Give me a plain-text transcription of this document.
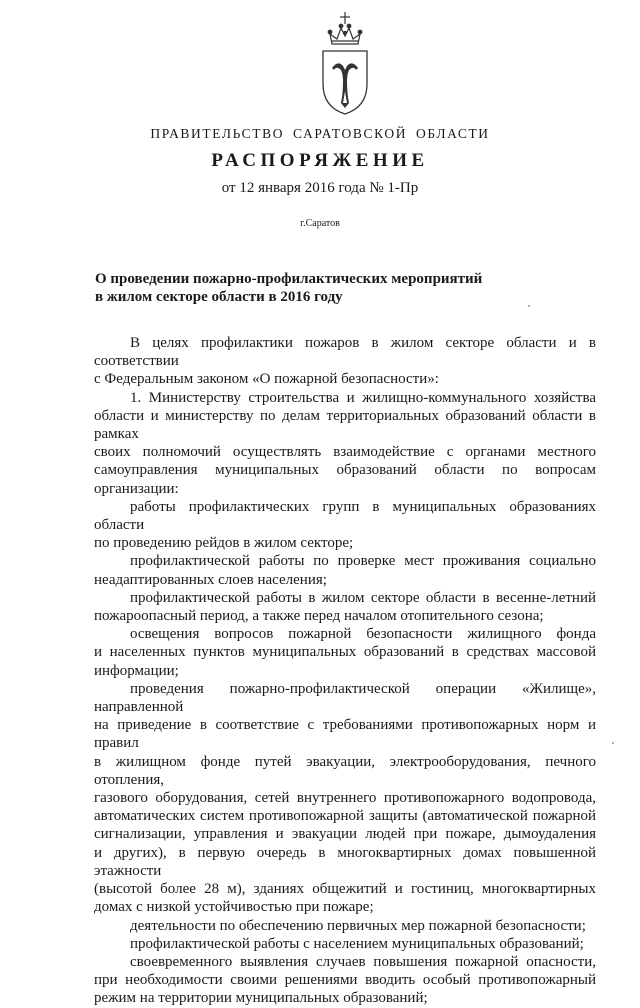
ПРАВИТЕЛЬСТВО САРАТОВСКОЙ ОБЛАСТИ
РАСПОРЯЖЕНИЕ
от 12 января 2016 года № 1-Пр
г.Саратов
О проведении пожарно-профилактических мероприятий
в жилом секторе области в 2016 году

В целях профилактики пожаров в жилом секторе области и в соответствии

с Федеральным законом «О пожарной безопасности»:

1. Министерству строительства и жилищно-коммунального хозяйства

области и министерству по делам территориальных образований области в рамках

своих полномочий осуществлять взаимодействие с органами местного

самоуправления муниципальных образований области по вопросам организации:

работы профилактических групп в муниципальных образованиях области

по проведению рейдов в жилом секторе;

профилактической работы по проверке мест проживания социально

неадаптированных слоев населения;

профилактической работы в жилом секторе области в весенне-летний

пожароопасный период, а также перед началом отопительного сезона;

освещения вопросов пожарной безопасности жилищного фонда

и населенных пунктов муниципальных образований в средствах массовой

информации;

проведения пожарно-профилактической операции «Жилище», направленной

на приведение в соответствие с требованиями противопожарных норм и правил

в жилищном фонде путей эвакуации, электрооборудования, печного отопления,

газового оборудования, сетей внутреннего противопожарного водопровода,

автоматических систем противопожарной защиты (автоматической пожарной

сигнализации, управления и эвакуации людей при пожаре, дымоудаления

и других), в первую очередь в многоквартирных домах повышенной этажности

(высотой более 28 м), зданиях общежитий и гостиниц, многоквартирных

домах с низкой устойчивостью при пожаре;

деятельности по обеспечению первичных мер пожарной безопасности;

профилактической работы с населением муниципальных образований;

своевременного выявления случаев повышения пожарной опасности,

при необходимости своими решениями вводить особый противопожарный

режим на территории муниципальных образований;
